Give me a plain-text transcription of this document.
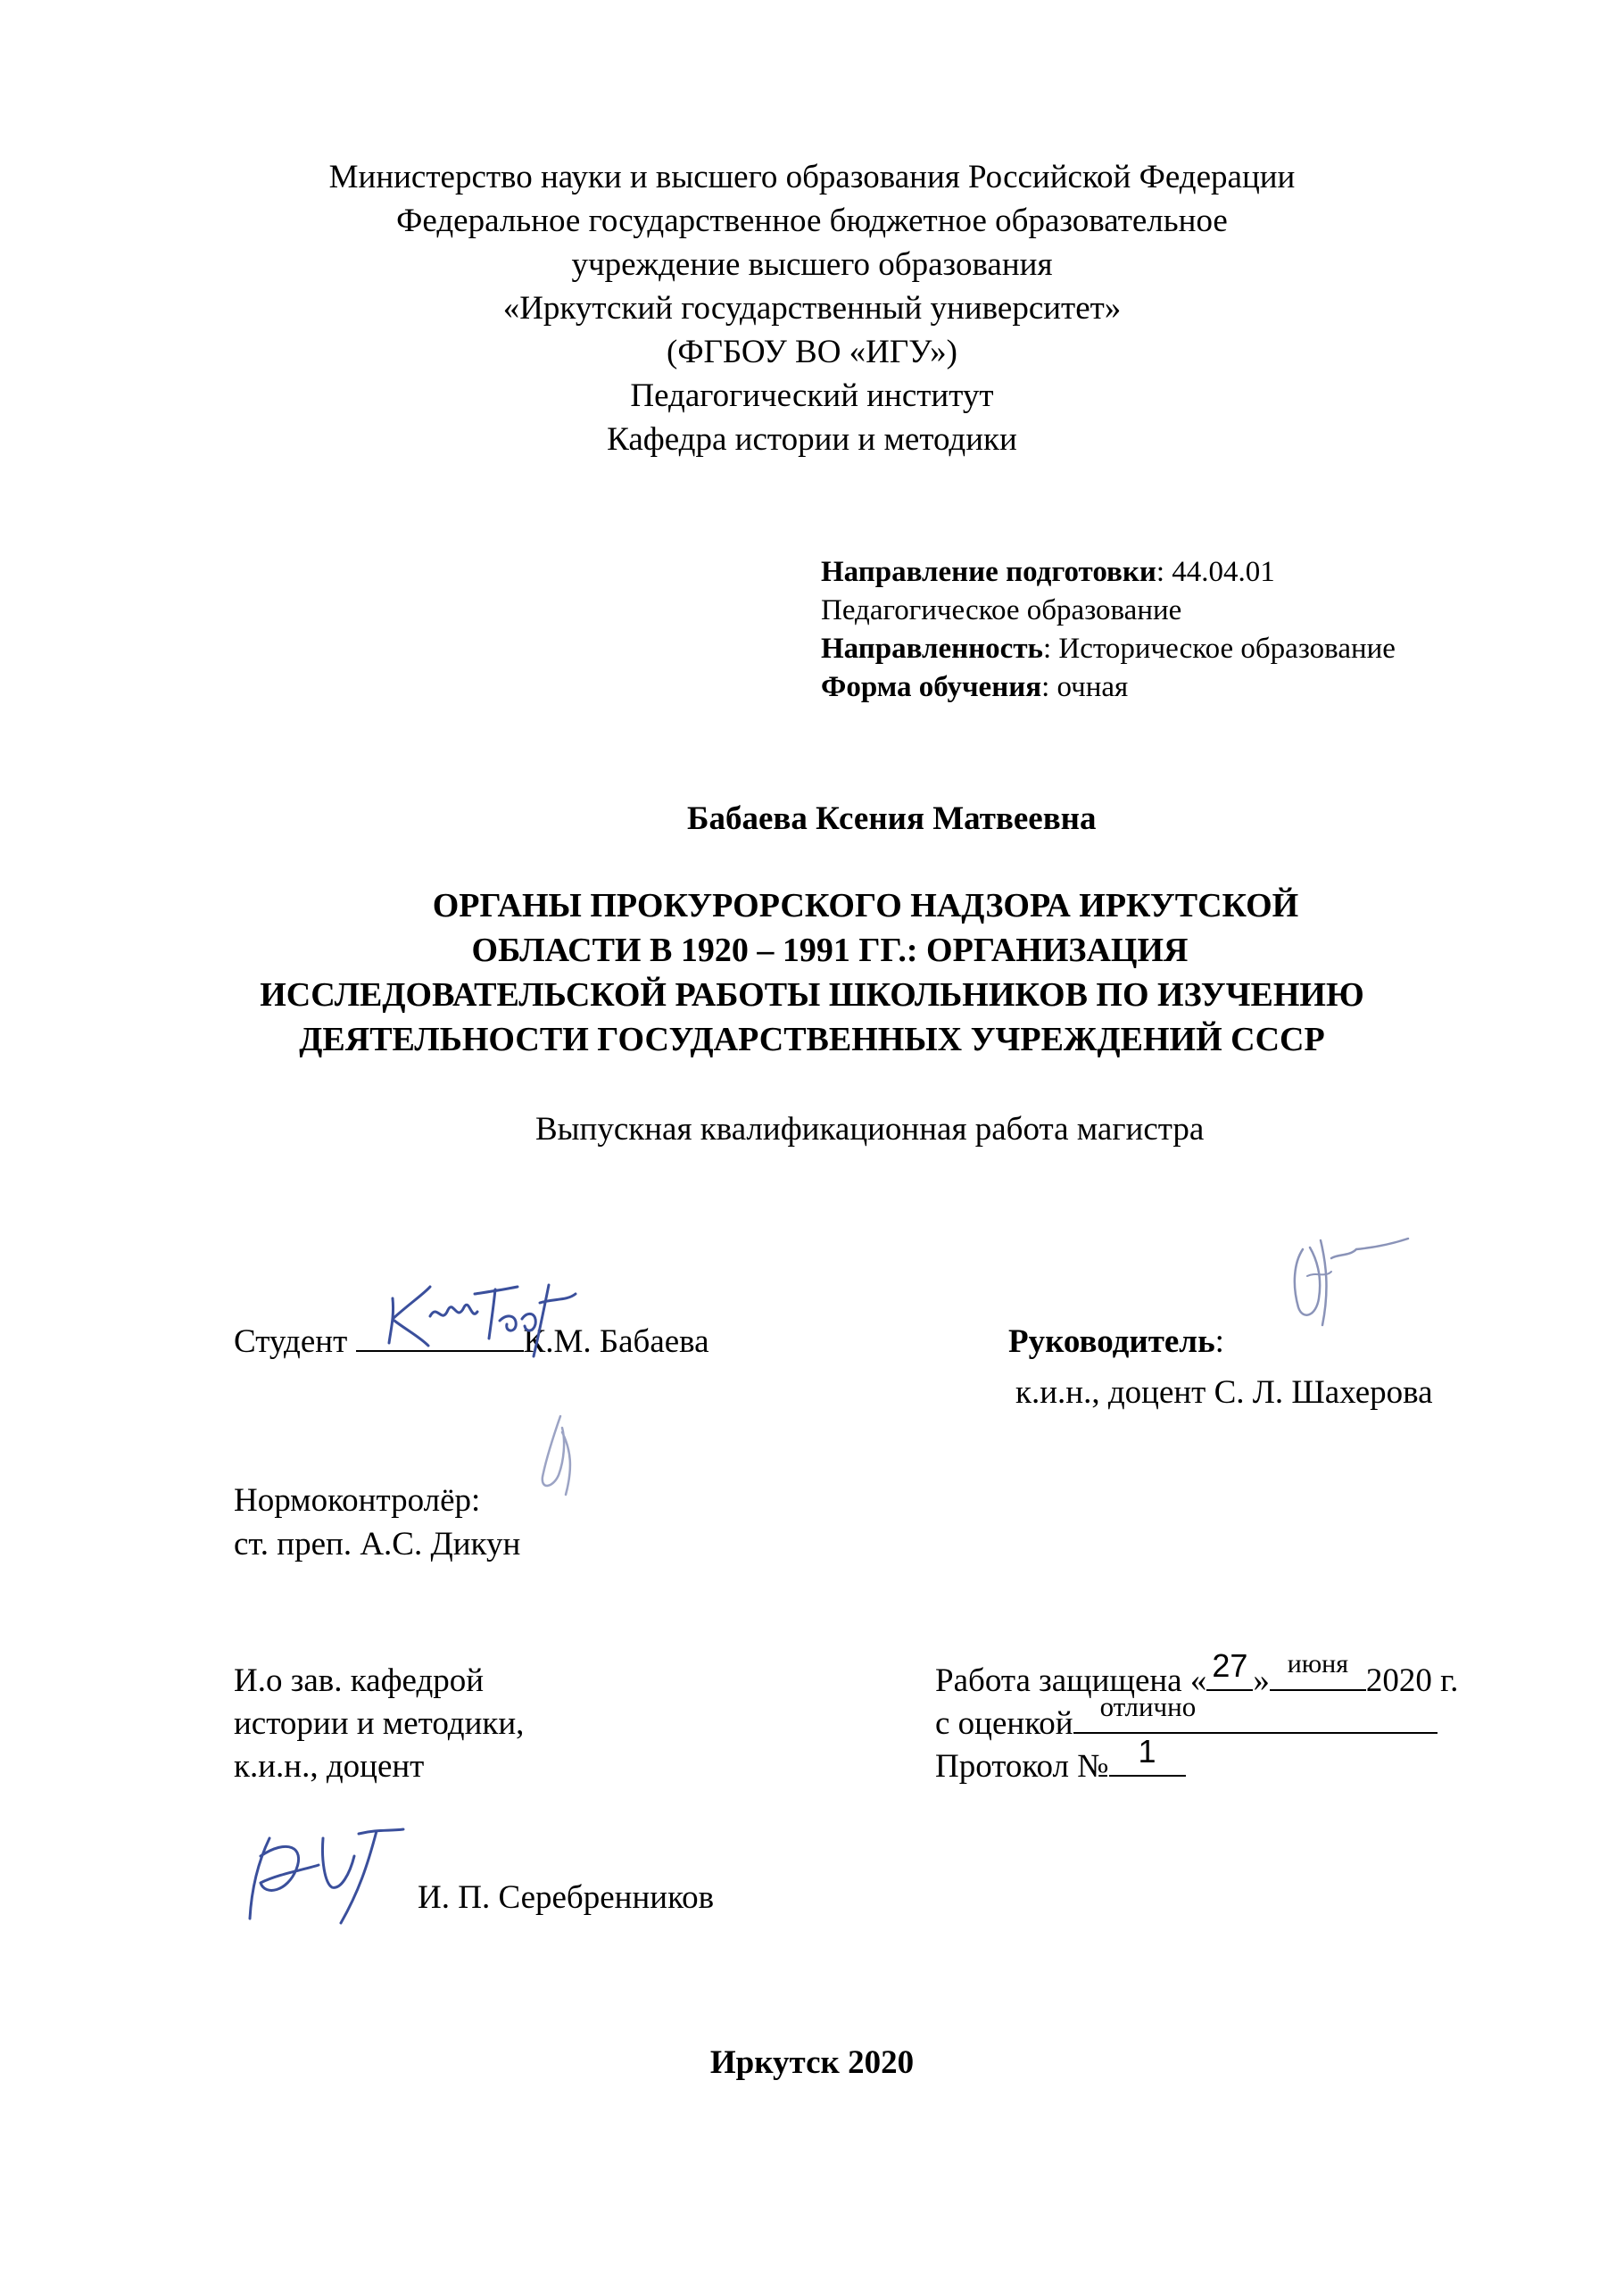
Министерство науки и высшего образования Российской Федерации
Федеральное государственное бюджетное образовательное
учреждение высшего образования
«Иркутский государственный университет»
(ФГБОУ ВО «ИГУ»)
Педагогический институт
Кафедра истории и методики
Направление подготовки: 44.04.01
Педагогическое образование
Направленность: Историческое образование
Форма обучения: очная
Бабаева Ксения Матвеевна
ОРГАНЫ ПРОКУРОРСКОГО НАДЗОРА ИРКУТСКОЙ
ОБЛАСТИ В 1920 – 1991 ГГ.: ОРГАНИЗАЦИЯ
ИССЛЕДОВАТЕЛЬСКОЙ РАБОТЫ ШКОЛЬНИКОВ ПО ИЗУЧЕНИЮ
ДЕЯТЕЛЬНОСТИ ГОСУДАРСТВЕННЫХ УЧРЕЖДЕНИЙ СССР
Выпускная квалификационная работа магистра
Студент	К.М. Бабаева	Руководитель:
к.и.н., доцент С. Л. Шахерова
Нормоконтролёр:
ст. преп. А.С. Дикун
И.о зав. кафедрой
истории и методики,
к.и.н., доцент
И. П. Серебренников
Работа защищена « 27 » июня 2020 г.
с оценкой отлично
Протокол № 1
Иркутск 2020
